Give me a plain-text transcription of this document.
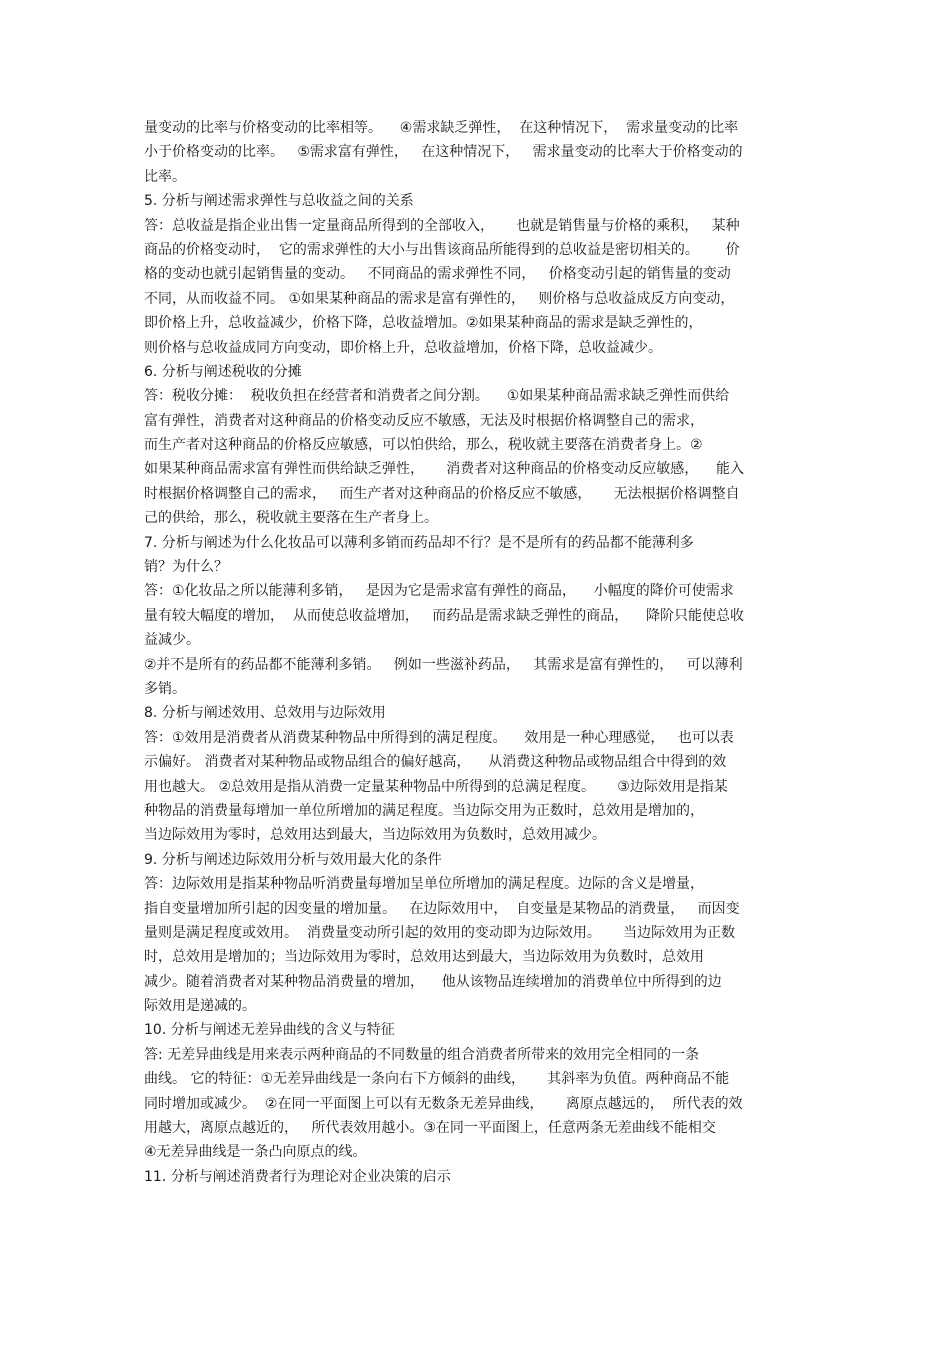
量变动的比率与价格变动的比率相等。    ④需求缺乏弹性，  在这种情况下，  需求量变动的比率
小于价格变动的比率。   ⑤需求富有弹性，   在这种情况下，   需求量变动的比率大于价格变动的
比率。
5. 分析与阐述需求弹性与总收益之间的关系
答：总收益是指企业出售一定量商品所得到的全部收入，     也就是销售量与价格的乘积，   某种
商品的价格变动时，  它的需求弹性的大小与出售该商品所能得到的总收益是密切相关的。      价
格的变动也就引起销售量的变动。   不同商品的需求弹性不同，   价格变动引起的销售量的变动
不同，从而收益不同。 ①如果某种商品的需求是富有弹性的，   则价格与总收益成反方向变动，
即价格上升，总收益减少，价格下降，总收益增加。②如果某种商品的需求是缺乏弹性的，
则价格与总收益成同方向变动，即价格上升，总收益增加，价格下降，总收益减少。
6. 分析与阐述税收的分摊
答：税收分摊：  税收负担在经营者和消费者之间分割。    ①如果某种商品需求缺乏弹性而供给
富有弹性，消费者对这种商品的价格变动反应不敏感，无法及时根据价格调整自己的需求，
而生产者对这种商品的价格反应敏感，可以怕供给，那么，税收就主要落在消费者身上。②
如果某种商品需求富有弹性而供给缺乏弹性，     消费者对这种商品的价格变动反应敏感，    能入
时根据价格调整自己的需求，   而生产者对这种商品的价格反应不敏感，     无法根据价格调整自
己的供给，那么，税收就主要落在生产者身上。
7. 分析与阐述为什么化妆品可以薄利多销而药品却不行？是不是所有的药品都不能薄利多
销？为什么？
答：①化妆品之所以能薄利多销，   是因为它是需求富有弹性的商品，    小幅度的降价可使需求
量有较大幅度的增加，  从而使总收益增加，   而药品是需求缺乏弹性的商品，    降阶只能使总收
益减少。
②并不是所有的药品都不能薄利多销。   例如一些滋补药品，   其需求是富有弹性的，   可以薄利
多销。
8. 分析与阐述效用、总效用与边际效用
答：①效用是消费者从消费某种物品中所得到的满足程度。    效用是一种心理感觉，   也可以表
示偏好。 消费者对某种物品或物品组合的偏好越高，    从消费这种物品或物品组合中得到的效
用也越大。 ②总效用是指从消费一定量某种物品中所得到的总满足程度。     ③边际效用是指某
种物品的消费量每增加一单位所增加的满足程度。当边际交用为正数时，总效用是增加的，
当边际效用为零时，总效用达到最大，当边际效用为负数时，总效用减少。
9. 分析与阐述边际效用分析与效用最大化的条件
答：边际效用是指某种物品听消费量每增加呈单位所增加的满足程度。边际的含义是增量，
指自变量增加所引起的因变量的增加量。   在边际效用中，  自变量是某物品的消费量，   而因变
量则是满足程度或效用。  消费量变动所引起的效用的变动即为边际效用。     当边际效用为正数
时，总效用是增加的；当边际效用为零时，总效用达到最大，当边际效用为负数时，总效用
减少。随着消费者对某种物品消费量的增加，    他从该物品连续增加的消费单位中所得到的边
际效用是递减的。
10. 分析与阐述无差异曲线的含义与特征
答: 无差异曲线是用来表示两种商品的不同数量的组合消费者所带来的效用完全相同的一条
曲线。 它的特征：①无差异曲线是一条向右下方倾斜的曲线，     其斜率为负值。两种商品不能
同时增加或减少。  ②在同一平面图上可以有无数条无差异曲线，     离原点越远的，  所代表的效
用越大，离原点越近的，   所代表效用越小。③在同一平面图上，任意两条无差曲线不能相交
④无差异曲线是一条凸向原点的线。
11. 分析与阐述消费者行为理论对企业决策的启示
